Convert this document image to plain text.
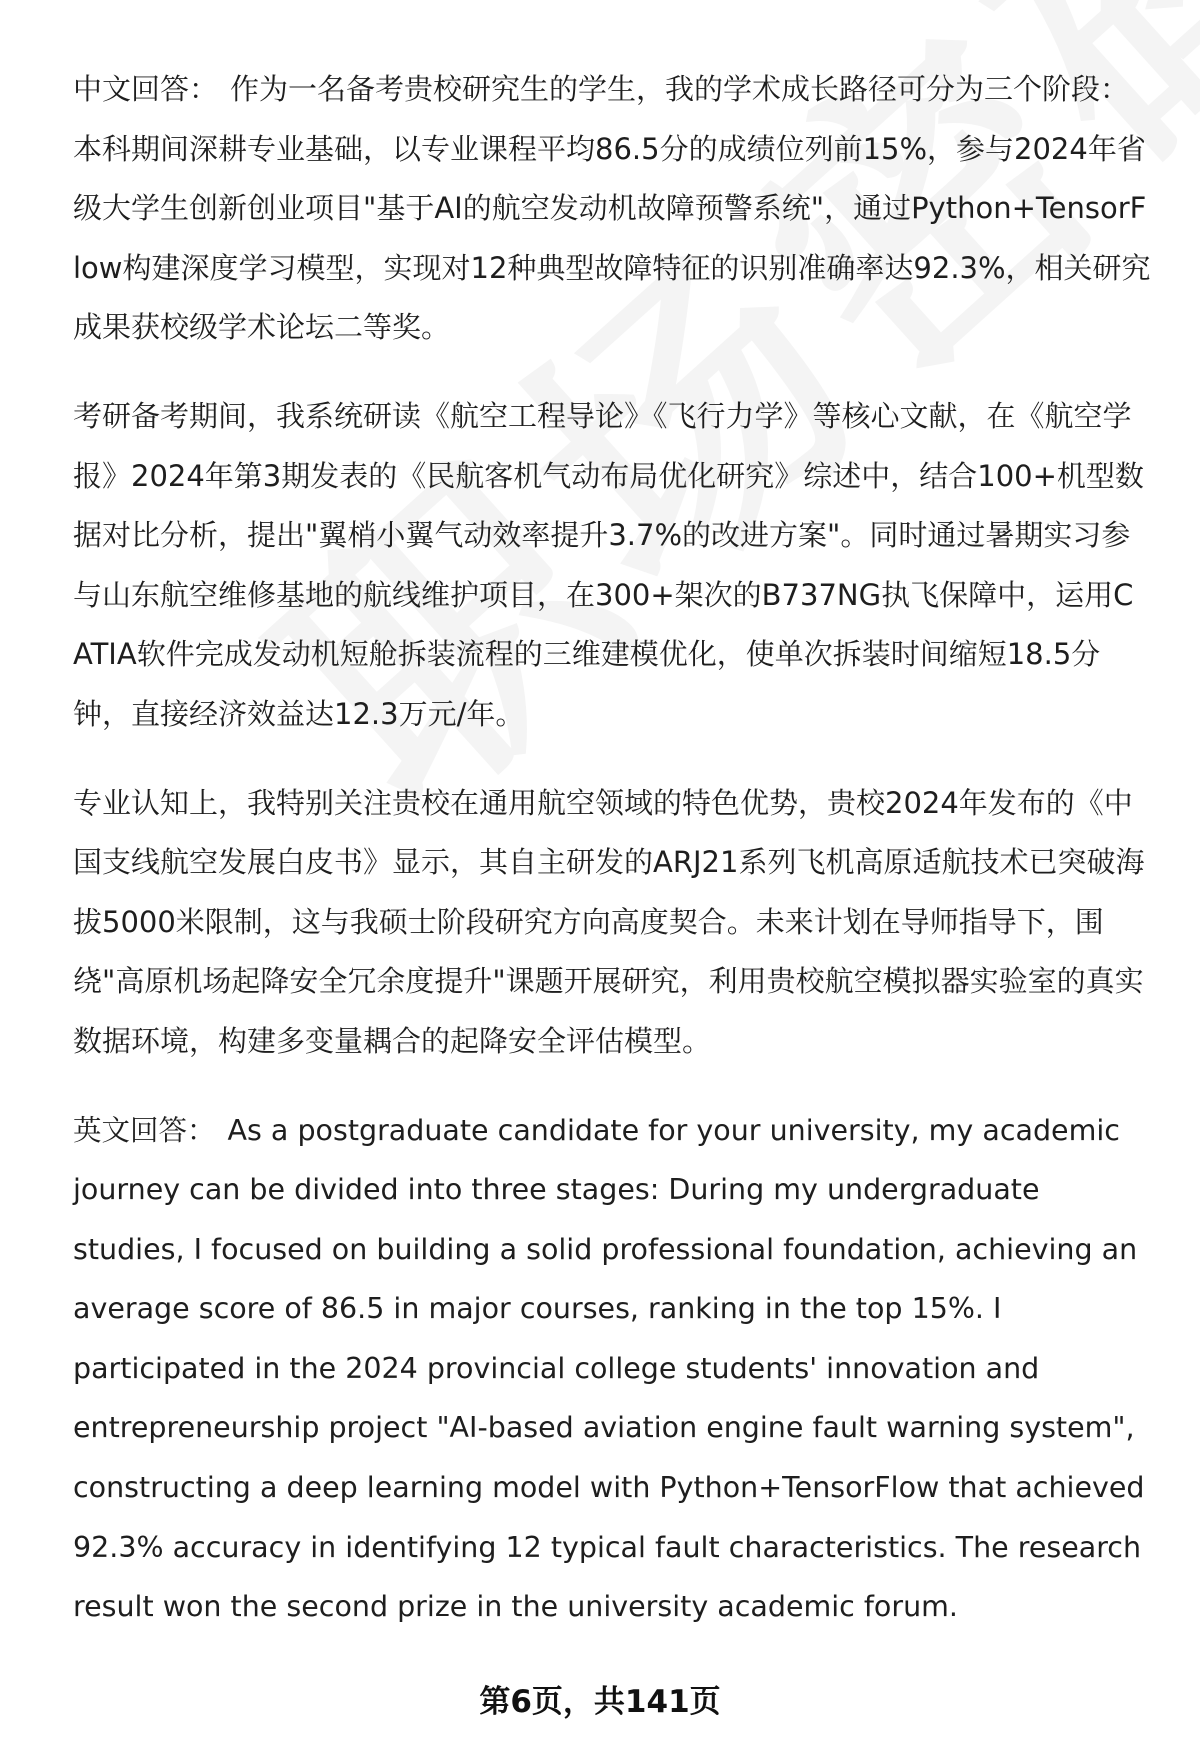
中文回答： 作为一名备考贵校研究生的学生，我的学术成长路径可分为三个阶段：本科期间深耕专业基础，以专业课程平均86.5分的成绩位列前15%，参与2024年省级大学生创新创业项目"基于AI的航空发动机故障预警系统"，通过Python+TensorFlow构建深度学习模型，实现对12种典型故障特征的识别准确率达92.3%，相关研究成果获校级学术论坛二等奖。

考研备考期间，我系统研读《航空工程导论》《飞行力学》等核心文献，在《航空学报》2024年第3期发表的《民航客机气动布局优化研究》综述中，结合100+机型数据对比分析，提出"翼梢小翼气动效率提升3.7%的改进方案"。同时通过暑期实习参与山东航空维修基地的航线维护项目，在300+架次的B737NG执飞保障中，运用CATIA软件完成发动机短舱拆装流程的三维建模优化，使单次拆装时间缩短18.5分钟，直接经济效益达12.3万元/年。

专业认知上，我特别关注贵校在通用航空领域的特色优势，贵校2024年发布的《中国支线航空发展白皮书》显示，其自主研发的ARJ21系列飞机高原适航技术已突破海拔5000米限制，这与我硕士阶段研究方向高度契合。未来计划在导师指导下，围绕"高原机场起降安全冗余度提升"课题开展研究，利用贵校航空模拟器实验室的真实数据环境，构建多变量耦合的起降安全评估模型。

英文回答： As a postgraduate candidate for your university, my academic journey can be divided into three stages: During my undergraduate studies, I focused on building a solid professional foundation, achieving an average score of 86.5 in major courses, ranking in the top 15%. I participated in the 2024 provincial college students' innovation and entrepreneurship project "AI-based aviation engine fault warning system", constructing a deep learning model with Python+TensorFlow that achieved 92.3% accuracy in identifying 12 typical fault characteristics. The research result won the second prize in the university academic forum.

第6页，共141页
